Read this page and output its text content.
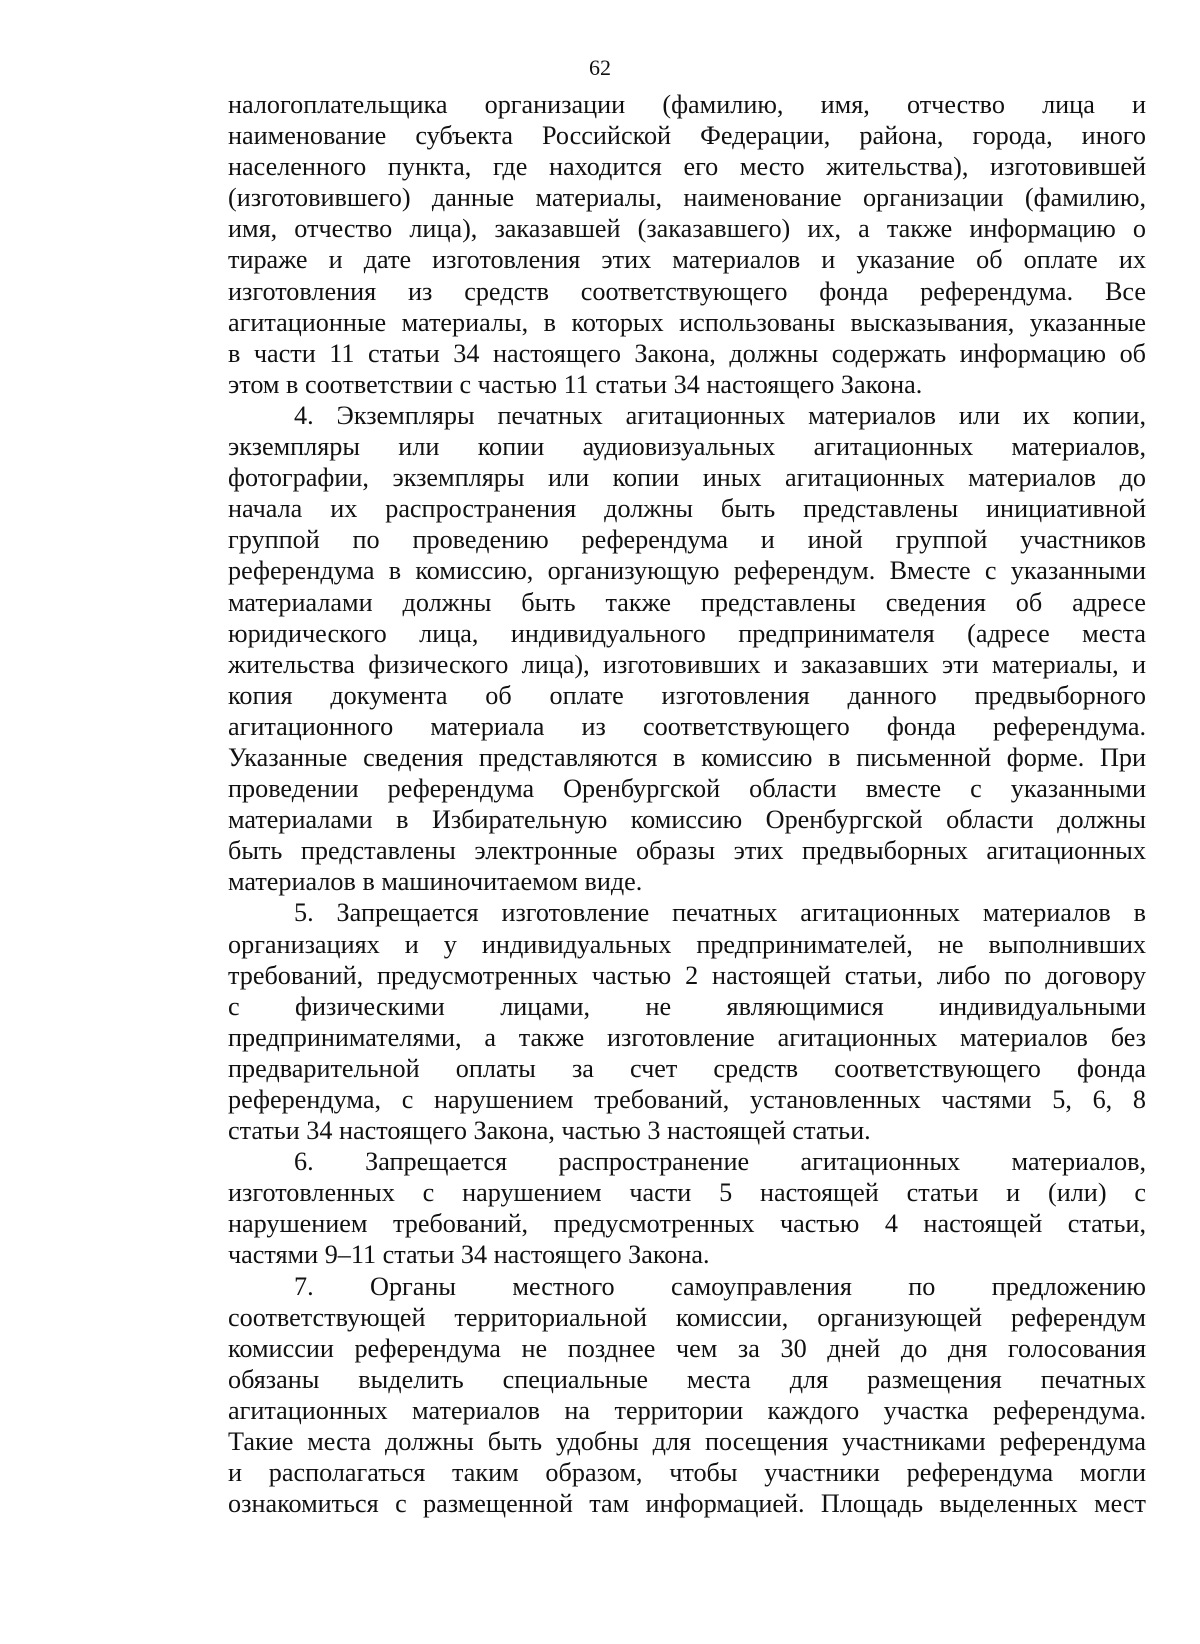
62
налогоплательщика организации (фамилию, имя, отчество лица и
наименование субъекта Российской Федерации, района, города, иного
населенного пункта, где находится его место жительства), изготовившей
(изготовившего) данные материалы, наименование организации (фамилию,
имя, отчество лица), заказавшей (заказавшего) их, а также информацию о
тираже и дате изготовления этих материалов и указание об оплате их
изготовления из средств соответствующего фонда референдума. Все
агитационные материалы, в которых использованы высказывания, указанные
в части 11 статьи 34 настоящего Закона, должны содержать информацию об
этом в соответствии с частью 11 статьи 34 настоящего Закона.
4. Экземпляры печатных агитационных материалов или их копии,
экземпляры или копии аудиовизуальных агитационных материалов,
фотографии, экземпляры или копии иных агитационных материалов до
начала их распространения должны быть представлены инициативной
группой по проведению референдума и иной группой участников
референдума в комиссию, организующую референдум. Вместе с указанными
материалами должны быть также представлены сведения об адресе
юридического лица, индивидуального предпринимателя (адресе места
жительства физического лица), изготовивших и заказавших эти материалы, и
копия документа об оплате изготовления данного предвыборного
агитационного материала из соответствующего фонда референдума.
Указанные сведения представляются в комиссию в письменной форме. При
проведении референдума Оренбургской области вместе с указанными
материалами в Избирательную комиссию Оренбургской области должны
быть представлены электронные образы этих предвыборных агитационных
материалов в машиночитаемом виде.
5. Запрещается изготовление печатных агитационных материалов в
организациях и у индивидуальных предпринимателей, не выполнивших
требований, предусмотренных частью 2 настоящей статьи, либо по договору
с физическими лицами, не являющимися индивидуальными
предпринимателями, а также изготовление агитационных материалов без
предварительной оплаты за счет средств соответствующего фонда
референдума, с нарушением требований, установленных частями 5, 6, 8
статьи 34 настоящего Закона, частью 3 настоящей статьи.
6. Запрещается распространение агитационных материалов,
изготовленных с нарушением части 5 настоящей статьи и (или) с
нарушением требований, предусмотренных частью 4 настоящей статьи,
частями 9–11 статьи 34 настоящего Закона.
7. Органы местного самоуправления по предложению
соответствующей территориальной комиссии, организующей референдум
комиссии референдума не позднее чем за 30 дней до дня голосования
обязаны выделить специальные места для размещения печатных
агитационных материалов на территории каждого участка референдума.
Такие места должны быть удобны для посещения участниками референдума
и располагаться таким образом, чтобы участники референдума могли
ознакомиться с размещенной там информацией. Площадь выделенных мест
